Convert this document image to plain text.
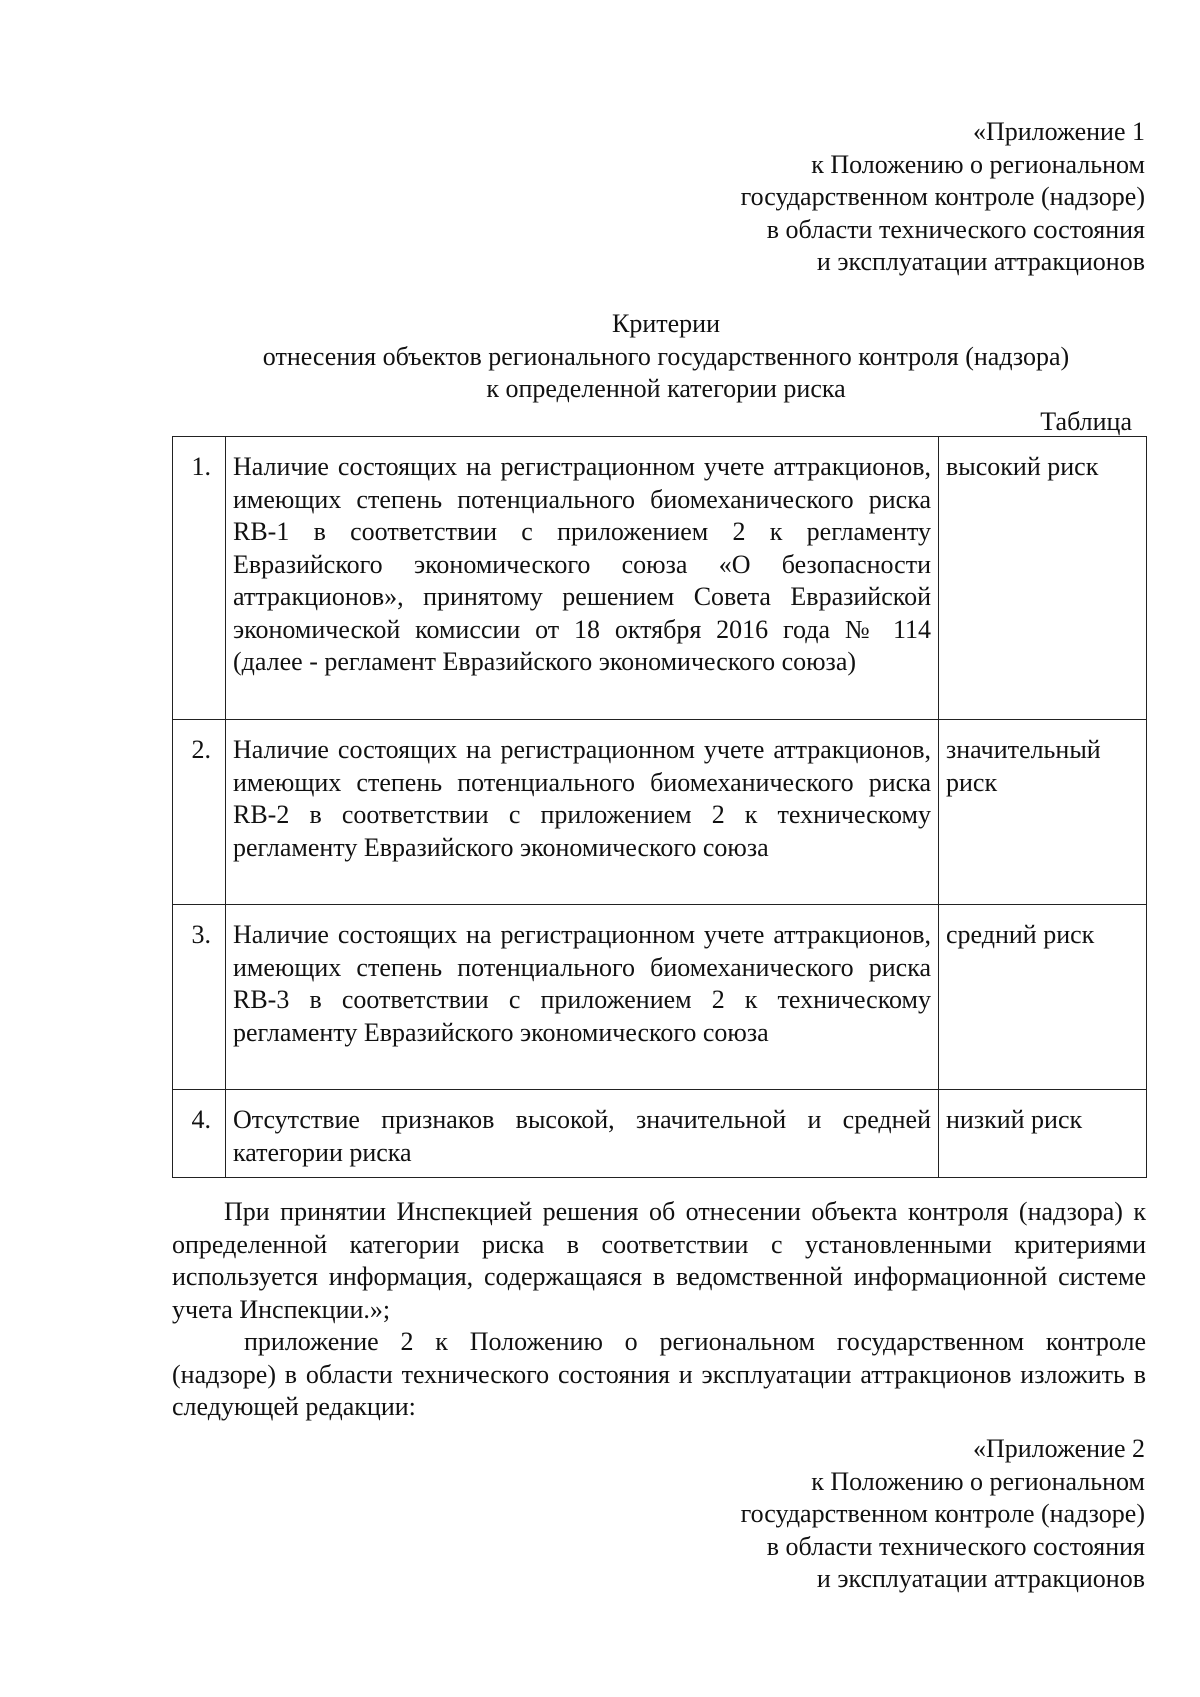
«Приложение 1
к Положению о региональном
государственном контроле (надзоре)
в области технического состояния
и эксплуатации аттракционов
Критерии
отнесения объектов регионального государственного контроля (надзора)
к определенной категории риска
Таблица
1.	Наличие состоящих на регистрационном учете аттракционов, имеющих степень потенциального биомеханического риска RB-1 в соответствии с приложением 2 к регламенту Евразийского экономического союза «О безопасности аттракционов», принятому решением Совета Евразийской экономической комиссии от 18 октября 2016 года № 114 (далее - регламент Евразийского экономического союза)	высокий риск
2.	Наличие состоящих на регистрационном учете аттракционов, имеющих степень потенциального биомеханического риска RB-2 в соответствии с приложением 2 к техническому регламенту Евразийского экономического союза	значительный риск
3.	Наличие состоящих на регистрационном учете аттракционов, имеющих степень потенциального биомеханического риска RB-3 в соответствии с приложением 2 к техническому регламенту Евразийского экономического союза	средний риск
4.	Отсутствие признаков высокой, значительной и средней категории риска	низкий риск

При принятии Инспекцией решения об отнесении объекта контроля (надзора) к определенной категории риска в соответствии с установленными критериями используется информация, содержащаяся в ведомственной информационной системе учета Инспекции.»;

приложение 2 к Положению о региональном государственном контроле (надзоре) в области технического состояния и эксплуатации аттракционов изложить в следующей редакции:

«Приложение 2
к Положению о региональном
государственном контроле (надзоре)
в области технического состояния
и эксплуатации аттракционов
